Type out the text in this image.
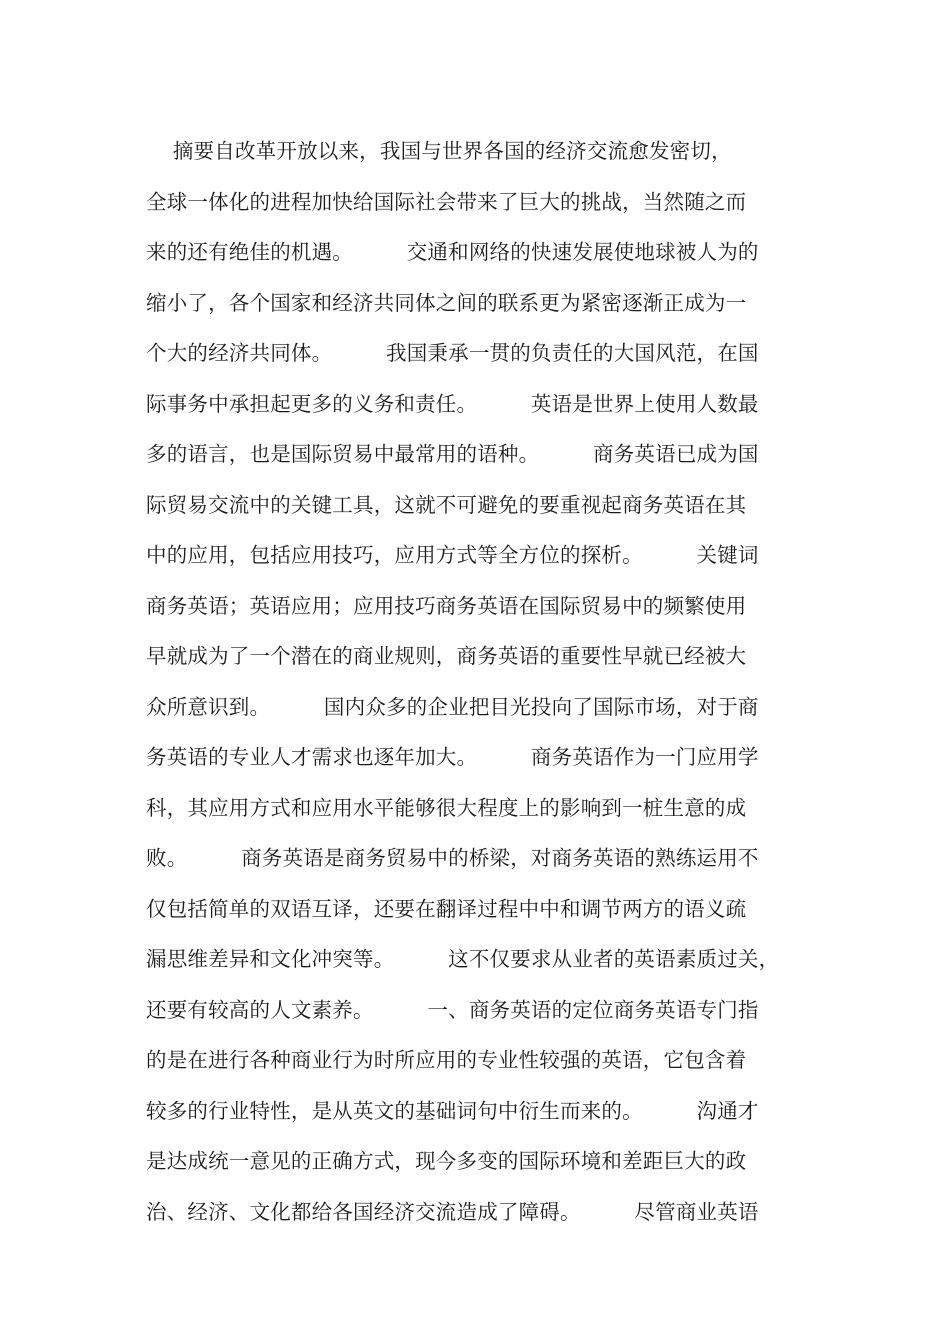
摘要自改革开放以来，我国与世界各国的经济交流愈发密切，
全球一体化的进程加快给国际社会带来了巨大的挑战，当然随之而
来的还有绝佳的机遇。        交通和网络的快速发展使地球被人为的
缩小了，各个国家和经济共同体之间的联系更为紧密逐渐正成为一
个大的经济共同体。        我国秉承一贯的负责任的大国风范，在国
际事务中承担起更多的义务和责任。        英语是世界上使用人数最
多的语言，也是国际贸易中最常用的语种。        商务英语已成为国
际贸易交流中的关键工具，这就不可避免的要重视起商务英语在其
中的应用，包括应用技巧，应用方式等全方位的探析。        关键词
商务英语；英语应用；应用技巧商务英语在国际贸易中的频繁使用
早就成为了一个潜在的商业规则，商务英语的重要性早就已经被大
众所意识到。        国内众多的企业把目光投向了国际市场，对于商
务英语的专业人才需求也逐年加大。        商务英语作为一门应用学
科，其应用方式和应用水平能够很大程度上的影响到一桩生意的成
败。        商务英语是商务贸易中的桥梁，对商务英语的熟练运用不
仅包括简单的双语互译，还要在翻译过程中中和调节两方的语义疏
漏思维差异和文化冲突等。        这不仅要求从业者的英语素质过关，
还要有较高的人文素养。        一、商务英语的定位商务英语专门指
的是在进行各种商业行为时所应用的专业性较强的英语，它包含着
较多的行业特性，是从英文的基础词句中衍生而来的。        沟通才
是达成统一意见的正确方式，现今多变的国际环境和差距巨大的政
治、经济、文化都给各国经济交流造成了障碍。        尽管商业英语
